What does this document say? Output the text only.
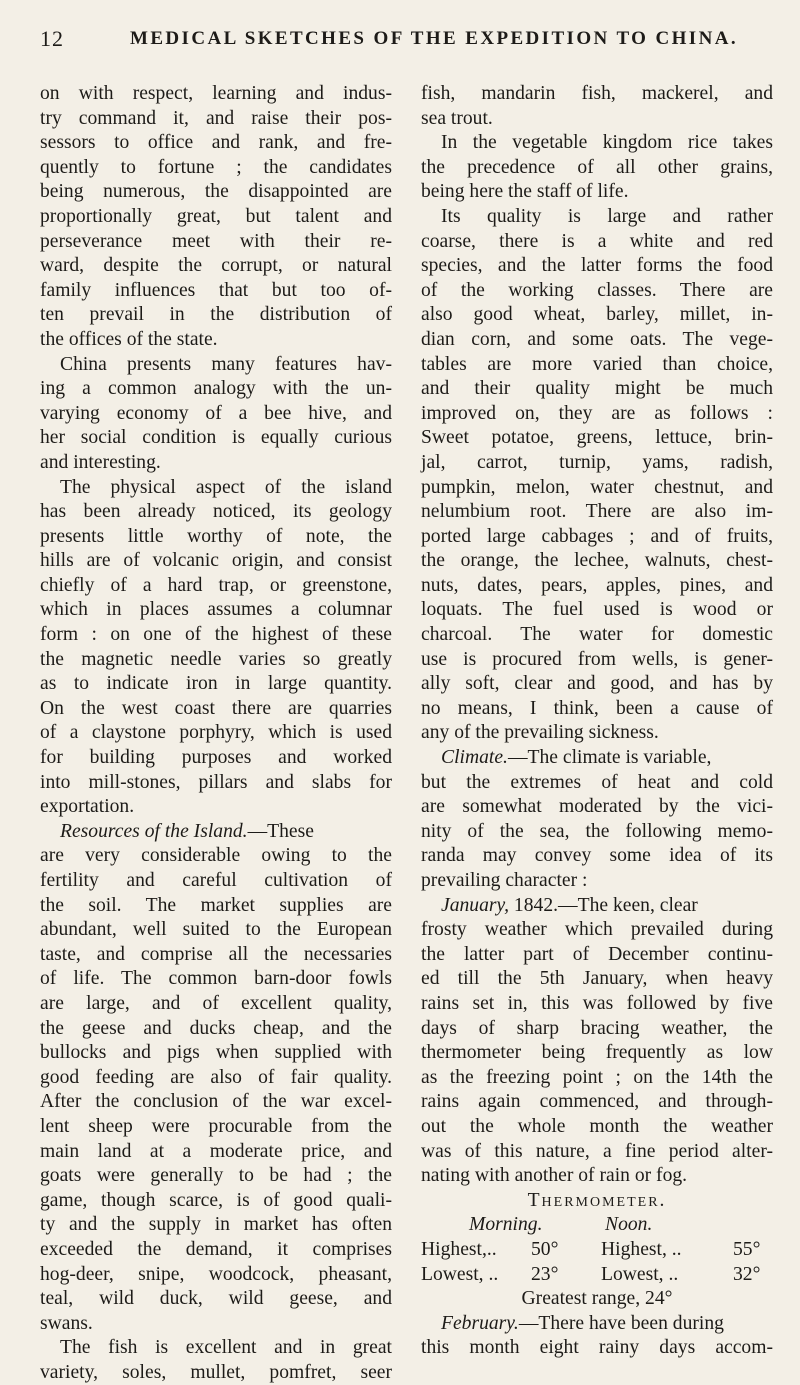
12	MEDICAL SKETCHES OF THE EXPEDITION TO CHINA.
on with respect, learning and indus-
try command it, and raise their pos-
sessors to office and rank, and fre-
quently to fortune ; the candidates
being numerous, the disappointed are
proportionally great, but talent and
perseverance meet with their re-
ward, despite the corrupt, or natural
family influences that but too of-
ten prevail in the distribution of
the offices of the state.
China presents many features hav-
ing a common analogy with the un-
varying economy of a bee hive, and
her social condition is equally curious
and interesting.
The physical aspect of the island
has been already noticed, its geology
presents little worthy of note, the
hills are of volcanic origin, and consist
chiefly of a hard trap, or greenstone,
which in places assumes a columnar
form : on one of the highest of these
the magnetic needle varies so greatly
as to indicate iron in large quantity.
On the west coast there are quarries
of a claystone porphyry, which is used
for building purposes and worked
into mill-stones, pillars and slabs for
exportation.
Resources of the Island.—These
are very considerable owing to the
fertility and careful cultivation of
the soil. The market supplies are
abundant, well suited to the European
taste, and comprise all the necessaries
of life. The common barn-door fowls
are large, and of excellent quality,
the geese and ducks cheap, and the
bullocks and pigs when supplied with
good feeding are also of fair quality.
After the conclusion of the war excel-
lent sheep were procurable from the
main land at a moderate price, and
goats were generally to be had ; the
game, though scarce, is of good quali-
ty and the supply in market has often
exceeded the demand, it comprises
hog-deer, snipe, woodcock, pheasant,
teal, wild duck, wild geese, and
swans.
The fish is excellent and in great
variety, soles, mullet, pomfret, seer
fish, mandarin fish, mackerel, and
sea trout.
In the vegetable kingdom rice takes
the precedence of all other grains,
being here the staff of life.
Its quality is large and rather
coarse, there is a white and red
species, and the latter forms the food
of the working classes. There are
also good wheat, barley, millet, in-
dian corn, and some oats. The vege-
tables are more varied than choice,
and their quality might be much
improved on, they are as follows :
Sweet potatoe, greens, lettuce, brin-
jal, carrot, turnip, yams, radish,
pumpkin, melon, water chestnut, and
nelumbium root. There are also im-
ported large cabbages ; and of fruits,
the orange, the lechee, walnuts, chest-
nuts, dates, pears, apples, pines, and
loquats. The fuel used is wood or
charcoal. The water for domestic
use is procured from wells, is gener-
ally soft, clear and good, and has by
no means, I think, been a cause of
any of the prevailing sickness.
Climate.—The climate is variable,
but the extremes of heat and cold
are somewhat moderated by the vici-
nity of the sea, the following memo-
randa may convey some idea of its
prevailing character :
January, 1842.—The keen, clear
frosty weather which prevailed during
the latter part of December continu-
ed till the 5th January, when heavy
rains set in, this was followed by five
days of sharp bracing weather, the
thermometer being frequently as low
as the freezing point ; on the 14th the
rains again commenced, and through-
out the whole month the weather
was of this nature, a fine period alter-
nating with another of rain or fog.
Thermometer.
Morning.	Noon.
Highest,..	50°	Highest, ..	55°
Lowest, ..	23°	Lowest, ..	32°
Greatest range, 24°
February.—There have been during
this month eight rainy days accom-
